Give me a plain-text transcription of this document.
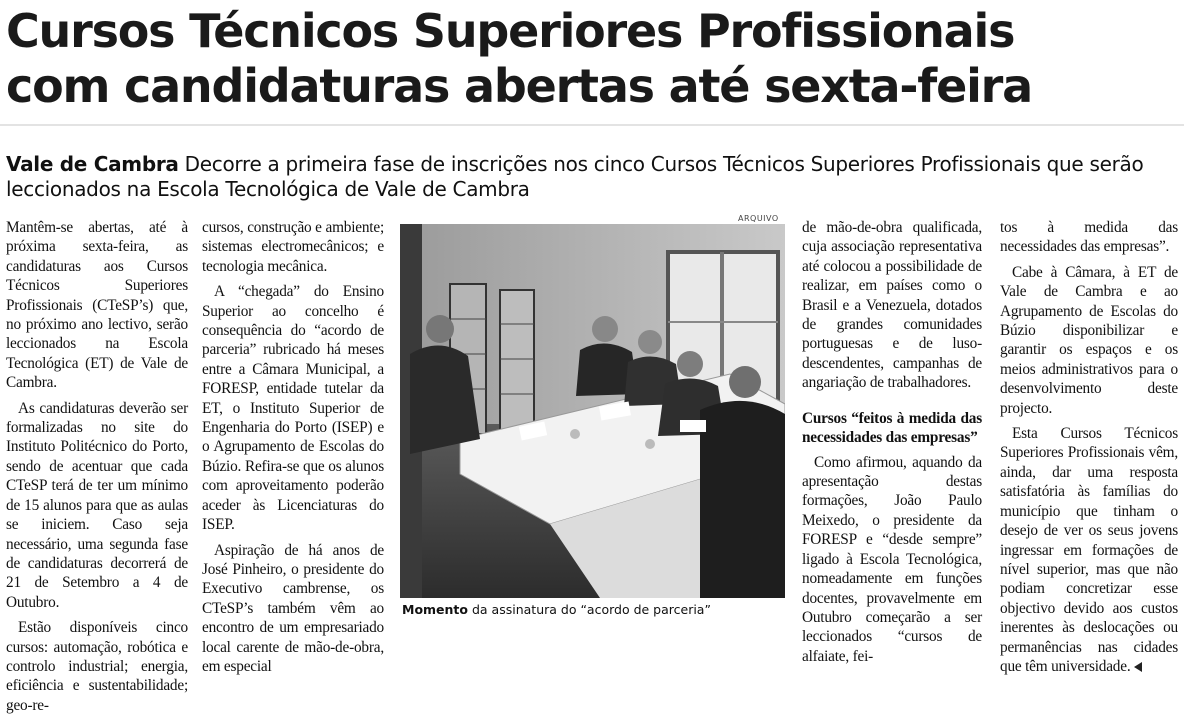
Cursos Técnicos Superiores Profissionais
com candidaturas abertas até sexta-feira
Vale de Cambra Decorre a primeira fase de inscrições nos cinco Cursos Técnicos Superiores Profissionais que serão leccionados na Escola Tecnológica de Vale de Cambra

Mantêm-se abertas, até à próxima sexta-feira, as candidaturas aos Cursos Técnicos Superiores Profissionais (CTeSP’s) que, no próximo ano lectivo, serão leccionados na Escola Tecnológica (ET) de Vale de Cambra.

As candidaturas deverão ser formalizadas no site do Instituto Politécnico do Porto, sendo de acentuar que cada CTeSP terá de ter um mínimo de 15 alunos para que as aulas se iniciem. Caso seja necessário, uma segunda fase de candidaturas decorrerá de 21 de Setembro a 4 de Outubro.

Estão disponíveis cinco cursos: automação, robótica e controlo industrial; energia, eficiência e sustentabilidade; geo-re-

cursos, construção e ambiente; sistemas electromecânicos; e tecnologia mecânica.

A “chegada” do Ensino Superior ao concelho é consequência do “acordo de parceria” rubricado há meses entre a Câmara Municipal, a FORESP, entidade tutelar da ET, o Instituto Superior de Engenharia do Porto (ISEP) e o Agrupamento de Escolas do Búzio. Refira-se que os alunos com aproveitamento poderão aceder às Licenciaturas do ISEP.

Aspiração de há anos de José Pinheiro, o presidente do Executivo cambrense, os CTeSP’s também vêm ao encontro de um empresariado local carente de mão-de-obra, em especial

ARQUIVO
Momento da assinatura do “acordo de parceria”

de mão-de-obra qualificada, cuja associação representativa até colocou a possibilidade de realizar, em países como o Brasil e a Venezuela, dotados de grandes comunidades portuguesas e de luso-descendentes, campanhas de angariação de trabalhadores.

Cursos “feitos à medida das necessidades das empresas”

Como afirmou, aquando da apresentação destas formações, João Paulo Meixedo, o presidente da FORESP e “desde sempre” ligado à Escola Tecnológica, nomeadamente em funções docentes, provavelmente em Outubro começarão a ser leccionados “cursos de alfaiate, fei-

tos à medida das necessidades das empresas”.

Cabe à Câmara, à ET de Vale de Cambra e ao Agrupamento de Escolas do Búzio disponibilizar e garantir os espaços e os meios administrativos para o desenvolvimento deste projecto.

Esta Cursos Técnicos Superiores Profissionais vêm, ainda, dar uma resposta satisfatória às famílias do município que tinham o desejo de ver os seus jovens ingressar em formações de nível superior, mas que não podiam concretizar esse objectivo devido aos custos inerentes às deslocações ou permanências nas cidades que têm universidade.
